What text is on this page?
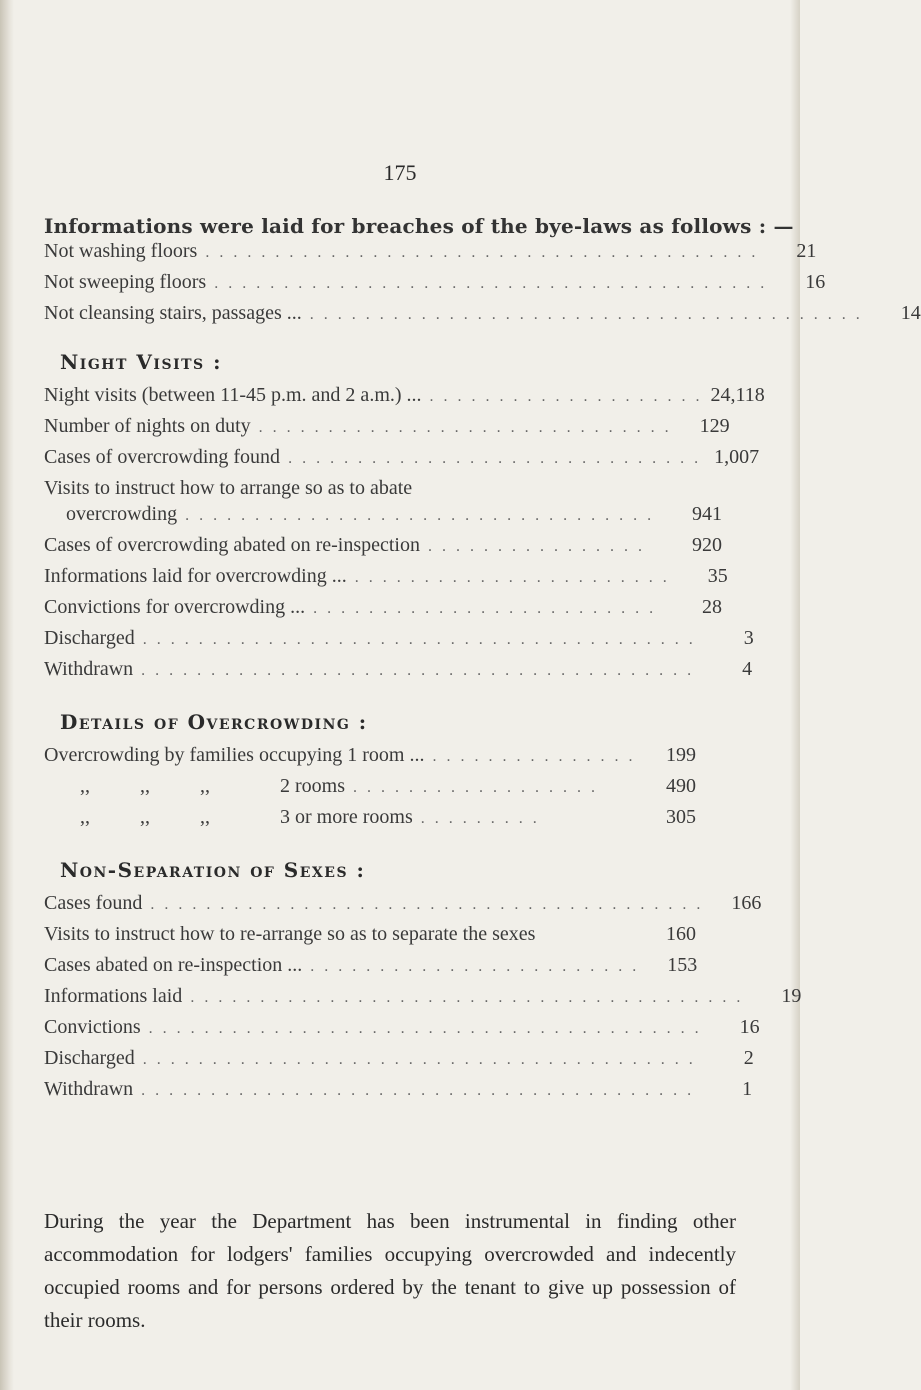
175
Informations were laid for breaches of the bye-laws as follows : —
Not washing floors . . . . . . . . . . . . . . . . . . . . . . . . . . . . . . . . . . . . . . . .	21
Not sweeping floors . . . . . . . . . . . . . . . . . . . . . . . . . . . . . . . . . . . . . . . .	16
Not cleansing stairs, passages ... . . . . . . . . . . . . . . . . . . . . . . . . . . . . . . . . . . . . . . . .	14
Night Visits :
Night visits (between 11-45 p.m. and 2 a.m.) ... . . . . . . . . . . . . . . . . . . . . 24,118
Number of nights on duty . . . . . . . . . . . . . . . . . . . . . . . . . . . . . .	129
Cases of overcrowding found . . . . . . . . . . . . . . . . . . . . . . . . . . . . . . 1,007
Visits to instruct how to arrange so as to abate
overcrowding . . . . . . . . . . . . . . . . . . . . . . . . . . . . . . . . . .	941
Cases of overcrowding abated on re-inspection . . . . . . . . . . . . . . . .	920
Informations laid for overcrowding ... . . . . . . . . . . . . . . . . . . . . . . .	35
Convictions for overcrowding ... . . . . . . . . . . . . . . . . . . . . . . . . .	28
Discharged . . . . . . . . . . . . . . . . . . . . . . . . . . . . . . . . . . . . . . . .	3
Withdrawn . . . . . . . . . . . . . . . . . . . . . . . . . . . . . . . . . . . . . . . .	4
Details of Overcrowding :
Overcrowding by families occupying 1 room ... . . . . . . . . . . . . . . .	199
,,	,,	,,	2 rooms . . . . . . . . . . . . . . . . . .	490
,,	,,	,,	3 or more rooms . . . . . . . . .	305
Non-Separation of Sexes :
Cases found . . . . . . . . . . . . . . . . . . . . . . . . . . . . . . . . . . . . . . . .	166
Visits to instruct how to re-arrange so as to separate the sexes	160
Cases abated on re-inspection ... . . . . . . . . . . . . . . . . . . . . . . . .	153
Informations laid . . . . . . . . . . . . . . . . . . . . . . . . . . . . . . . . . . . . . . . .	19
Convictions . . . . . . . . . . . . . . . . . . . . . . . . . . . . . . . . . . . . . . . .	16
Discharged . . . . . . . . . . . . . . . . . . . . . . . . . . . . . . . . . . . . . . . .	2
Withdrawn . . . . . . . . . . . . . . . . . . . . . . . . . . . . . . . . . . . . . . . .	1
During the year the Department has been instrumental in finding other accommodation for lodgers' families occupying overcrowded and indecently occupied rooms and for persons ordered by the tenant to give up possession of their rooms.
